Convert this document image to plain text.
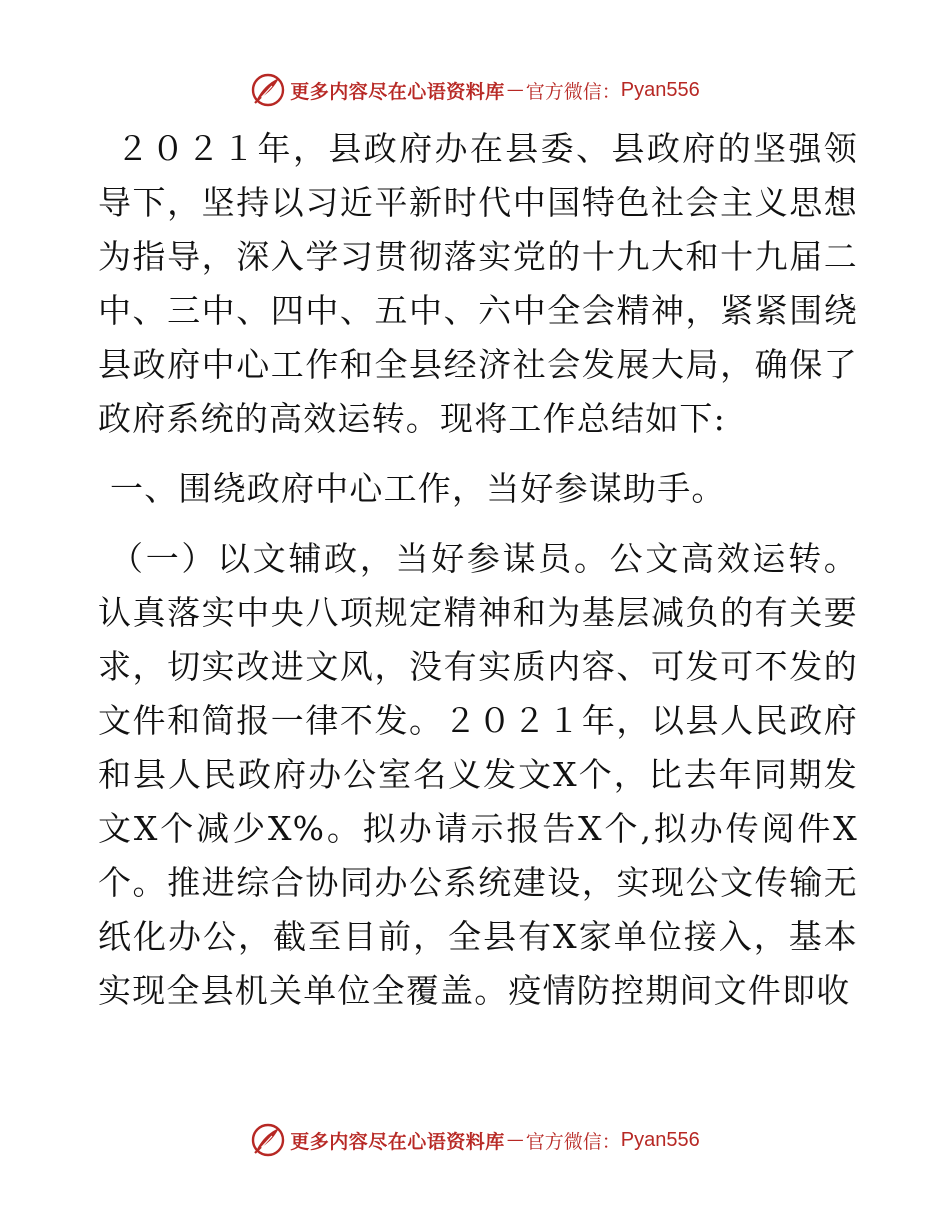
更多内容尽在心语资料库 — 官方微信： Pyan556

２０２１年，县政府办在县委、县政府的坚强领导下，坚持以习近平新时代中国特色社会主义思想为指导，深入学习贯彻落实党的十九大和十九届二中、三中、四中、五中、六中全会精神，紧紧围绕县政府中心工作和全县经济社会发展大局，确保了政府系统的高效运转。现将工作总结如下:

一、围绕政府中心工作，当好参谋助手。

（一）以文辅政，当好参谋员。公文高效运转。认真落实中央八项规定精神和为基层减负的有关要求，切实改进文风，没有实质内容、可发可不发的文件和简报一律不发。２０２１年，以县人民政府和县人民政府办公室名义发文X个，比去年同期发文X个减少X%。拟办请示报告X个,拟办传阅件X个。推进综合协同办公系统建设，实现公文传输无纸化办公，截至目前，全县有X家单位接入，基本实现全县机关单位全覆盖。疫情防控期间文件即收

更多内容尽在心语资料库 — 官方微信： Pyan556
